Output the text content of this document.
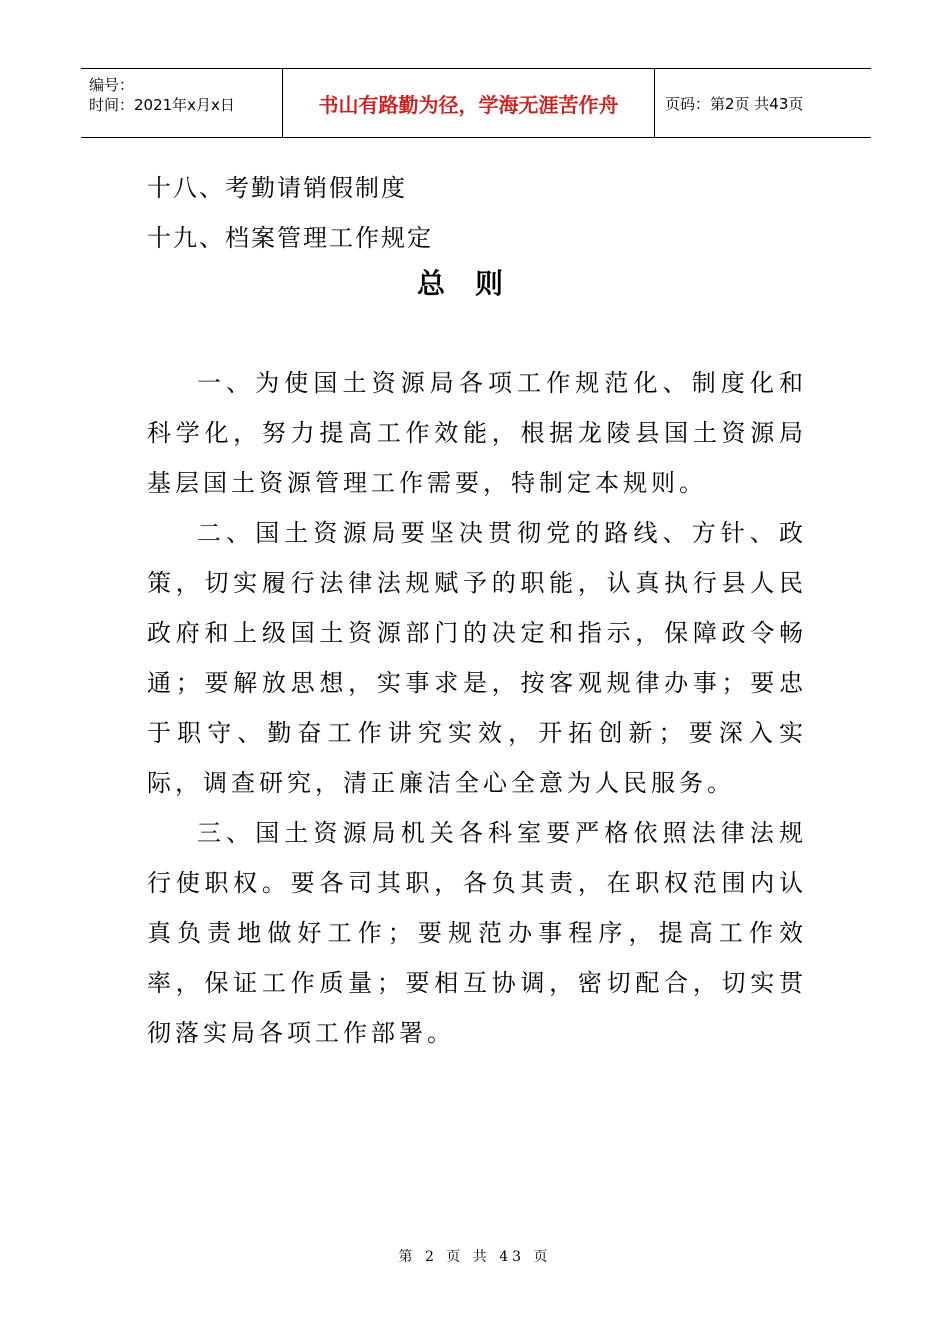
编号：
时间：2021年x月x日	书山有路勤为径，学海无涯苦作舟	页码：第2页 共43页
十八、考勤请销假制度
十九、档案管理工作规定
总则
一、为使国土资源局各项工作规范化、制度化和科学化，努力提高工作效能，根据龙陵县国土资源局基层国土资源管理工作需要，特制定本规则。
二、国土资源局要坚决贯彻党的路线、方针、政策，切实履行法律法规赋予的职能，认真执行县人民政府和上级国土资源部门的决定和指示，保障政令畅通；要解放思想，实事求是，按客观规律办事；要忠于职守、勤奋工作讲究实效，开拓创新；要深入实际，调查研究，清正廉洁全心全意为人民服务。
三、国土资源局机关各科室要严格依照法律法规行使职权。要各司其职，各负其责，在职权范围内认真负责地做好工作；要规范办事程序，提高工作效率，保证工作质量；要相互协调，密切配合，切实贯彻落实局各项工作部署。
第 2 页 共 43 页
